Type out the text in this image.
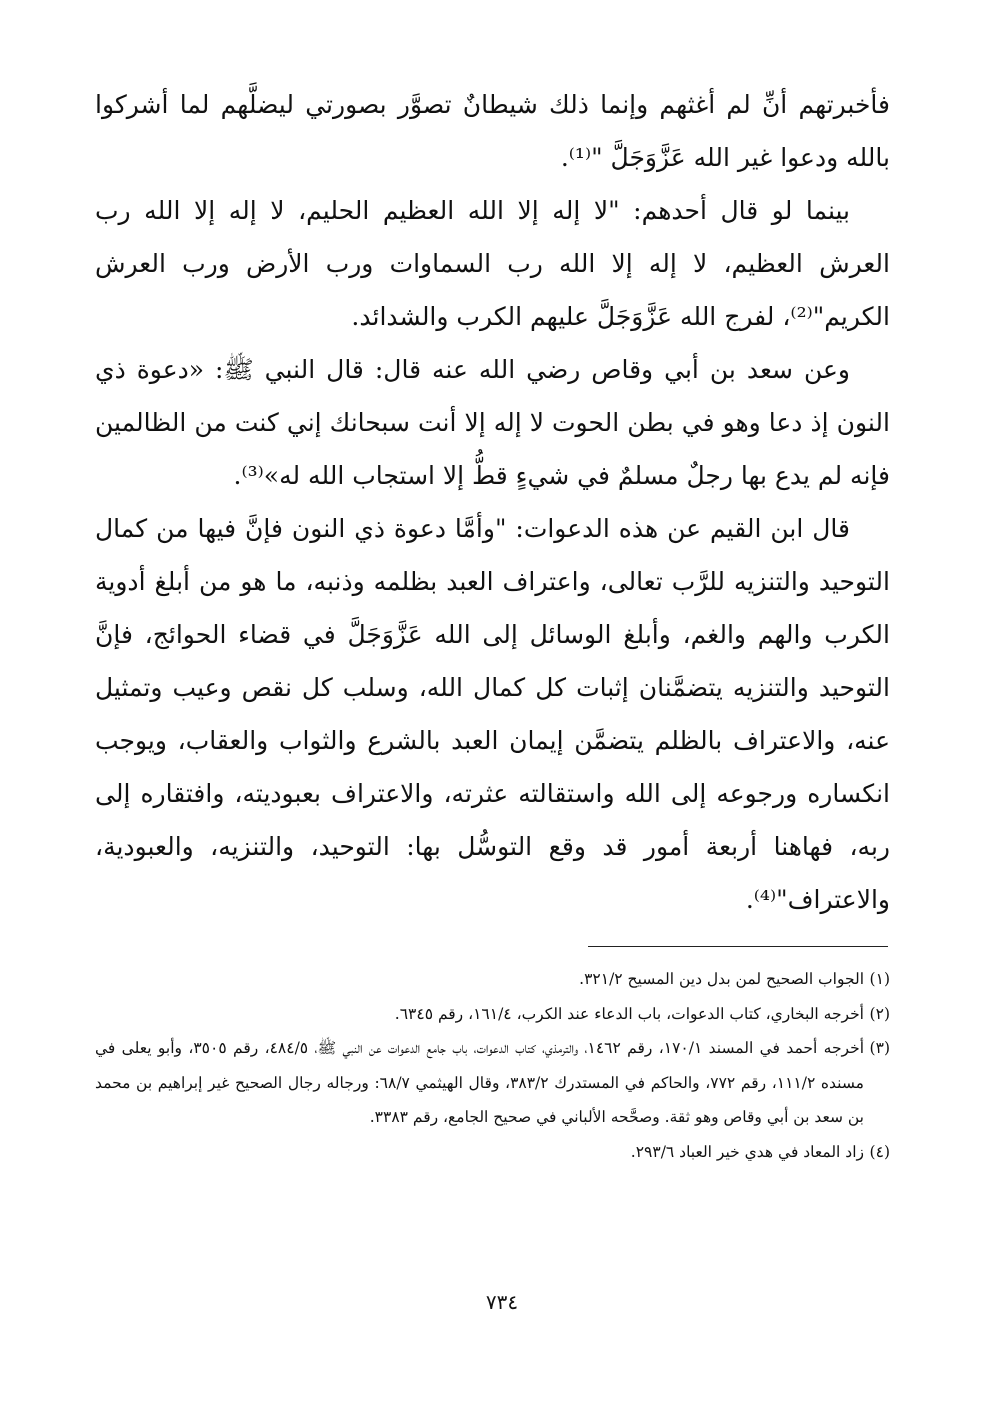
فأخبرتهم أنِّ لم أغثهم وإنما ذلك شيطانٌ تصوَّر بصورتي ليضلَّهم لما أشركوا بالله ودعوا غير الله عَزَّوَجَلَّ "⁽¹⁾.

بينما لو قال أحدهم: "لا إله إلا الله العظيم الحليم، لا إله إلا الله رب العرش العظيم، لا إله إلا الله رب السماوات ورب الأرض ورب العرش الكريم"⁽²⁾، لفرج الله عَزَّوَجَلَّ عليهم الكرب والشدائد.

وعن سعد بن أبي وقاص رضي الله عنه قال: قال النبي ﷺ: «دعوة ذي النون إذ دعا وهو في بطن الحوت لا إله إلا أنت سبحانك إني كنت من الظالمين فإنه لم يدع بها رجلٌ مسلمٌ في شيءٍ قطُّ إلا استجاب الله له»⁽³⁾.

قال ابن القيم عن هذه الدعوات: "وأمَّا دعوة ذي النون فإنَّ فيها من كمال التوحيد والتنزيه للرَّب تعالى، واعتراف العبد بظلمه وذنبه، ما هو من أبلغ أدوية الكرب والهم والغم، وأبلغ الوسائل إلى الله عَزَّوَجَلَّ في قضاء الحوائج، فإنَّ التوحيد والتنزيه يتضمَّنان إثبات كل كمال الله، وسلب كل نقص وعيب وتمثيل عنه، والاعتراف بالظلم يتضمَّن إيمان العبد بالشرع والثواب والعقاب، ويوجب انكساره ورجوعه إلى الله واستقالته عثرته، والاعتراف بعبوديته، وافتقاره إلى ربه، فهاهنا أربعة أمور قد وقع التوسُّل بها: التوحيد، والتنزيه، والعبودية، والاعتراف"⁽⁴⁾.

(١)الجواب الصحيح لمن بدل دين المسيح ٣٢١/٢.

(٢)أخرجه البخاري، كتاب الدعوات، باب الدعاء عند الكرب، ١٦١/٤، رقم ٦٣٤٥.

(٣)أخرجه أحمد في المسند ١٧٠/١، رقم ١٤٦٢، والترمذي، كتاب الدعوات، باب جامع الدعوات عن النبي ﷺ، ٤٨٤/٥، رقم ٣٥٠٥، وأبو يعلى في مسنده ١١١/٢، رقم ٧٧٢، والحاكم في المستدرك ٣٨٣/٢، وقال الهيثمي ٦٨/٧: ورجاله رجال الصحيح غير إبراهيم بن محمد بن سعد بن أبي وقاص وهو ثقة. وصحَّحه الألباني في صحيح الجامع، رقم ٣٣٨٣.

(٤)زاد المعاد في هدي خير العباد ٢٩٣/٦.

٧٣٤
